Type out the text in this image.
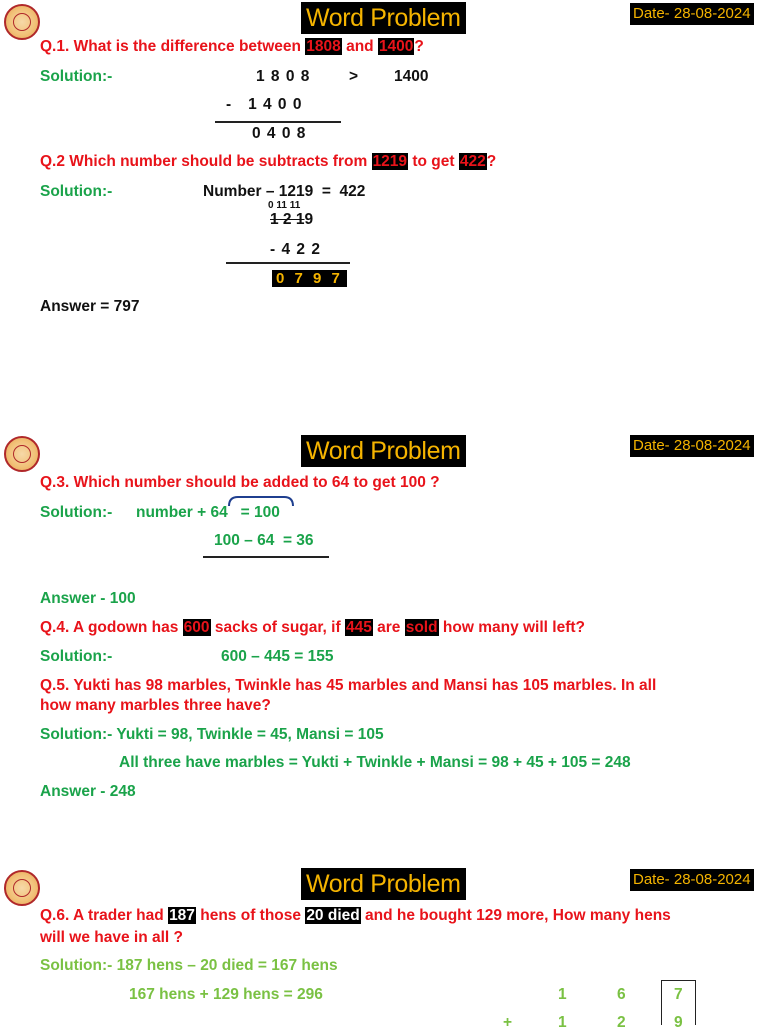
Word Problem	Date- 28-08-2024
Q.1. What is the difference between 1808 and 1400?
Solution:-	1 8 0 8 > 1400
-   1 4 0 0
0 4 0 8
Q.2 Which number should be subtracts from 1219 to get 422?
Solution:-	Number – 1219  =  422
0 11 11
1 2 19
- 4 2 2
0 7 9 7
Answer = 797
Word Problem	Date- 28-08-2024
Q.3. Which number should be added to 64 to get 100 ?
Solution:- number + 64   = 100
100 – 64  = 36
Answer - 100
Q.4. A godown has 600 sacks of sugar, if 445 are sold how many will left?
Solution:-	600 – 445 = 155
Q.5. Yukti has 98 marbles, Twinkle has 45 marbles and Mansi has 105 marbles. In all
how many marbles three have?
Solution:- Yukti = 98, Twinkle = 45, Mansi = 105
All three have marbles = Yukti + Twinkle + Mansi = 98 + 45 + 105 = 248
Answer - 248
Word Problem	Date- 28-08-2024
Q.6. A trader had 187 hens of those 20 died and he bought 129 more, How many hens
will we have in all ?
Solution:- 187 hens – 20 died = 167 hens
167 hens + 129 hens = 296	1	6	7
+	1	2	9
